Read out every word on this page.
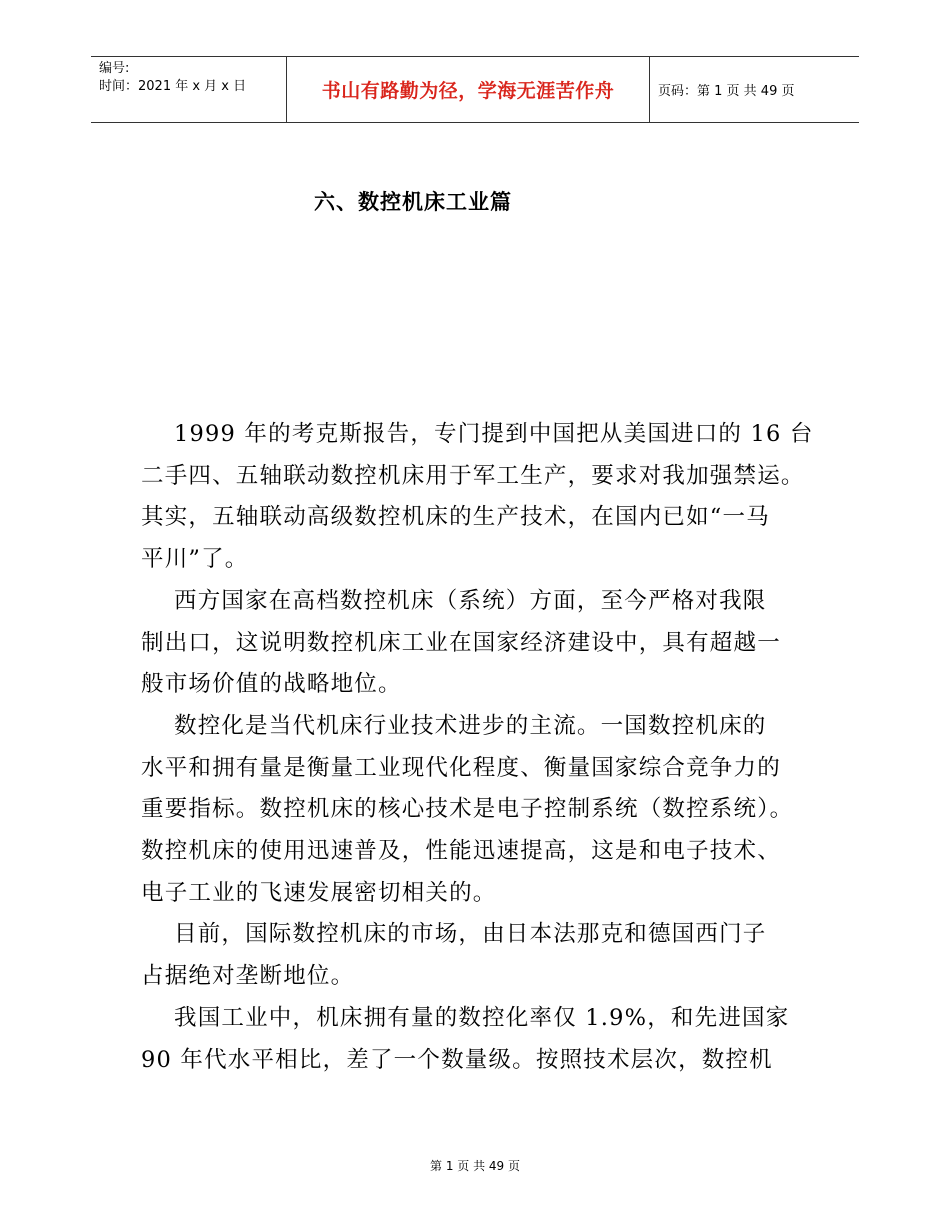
编号:
时间：2021 年 x 月 x 日	书山有路勤为径，学海无涯苦作舟	页码：第 1 页 共 49 页
六、数控机床工业篇
1999 年的考克斯报告，专门提到中国把从美国进口的 16 台
二手四、五轴联动数控机床用于军工生产，要求对我加强禁运。
其实，五轴联动高级数控机床的生产技术，在国内已如“一马
平川”了。
西方国家在高档数控机床（系统）方面，至今严格对我限
制出口，这说明数控机床工业在国家经济建设中，具有超越一
般市场价值的战略地位。
数控化是当代机床行业技术进步的主流。一国数控机床的
水平和拥有量是衡量工业现代化程度、衡量国家综合竞争力的
重要指标。数控机床的核心技术是电子控制系统（数控系统）。
数控机床的使用迅速普及，性能迅速提高，这是和电子技术、
电子工业的飞速发展密切相关的。
目前，国际数控机床的市场，由日本法那克和德国西门子
占据绝对垄断地位。
我国工业中，机床拥有量的数控化率仅 1.9%，和先进国家
90 年代水平相比，差了一个数量级。按照技术层次，数控机
第 1 页 共 49 页
